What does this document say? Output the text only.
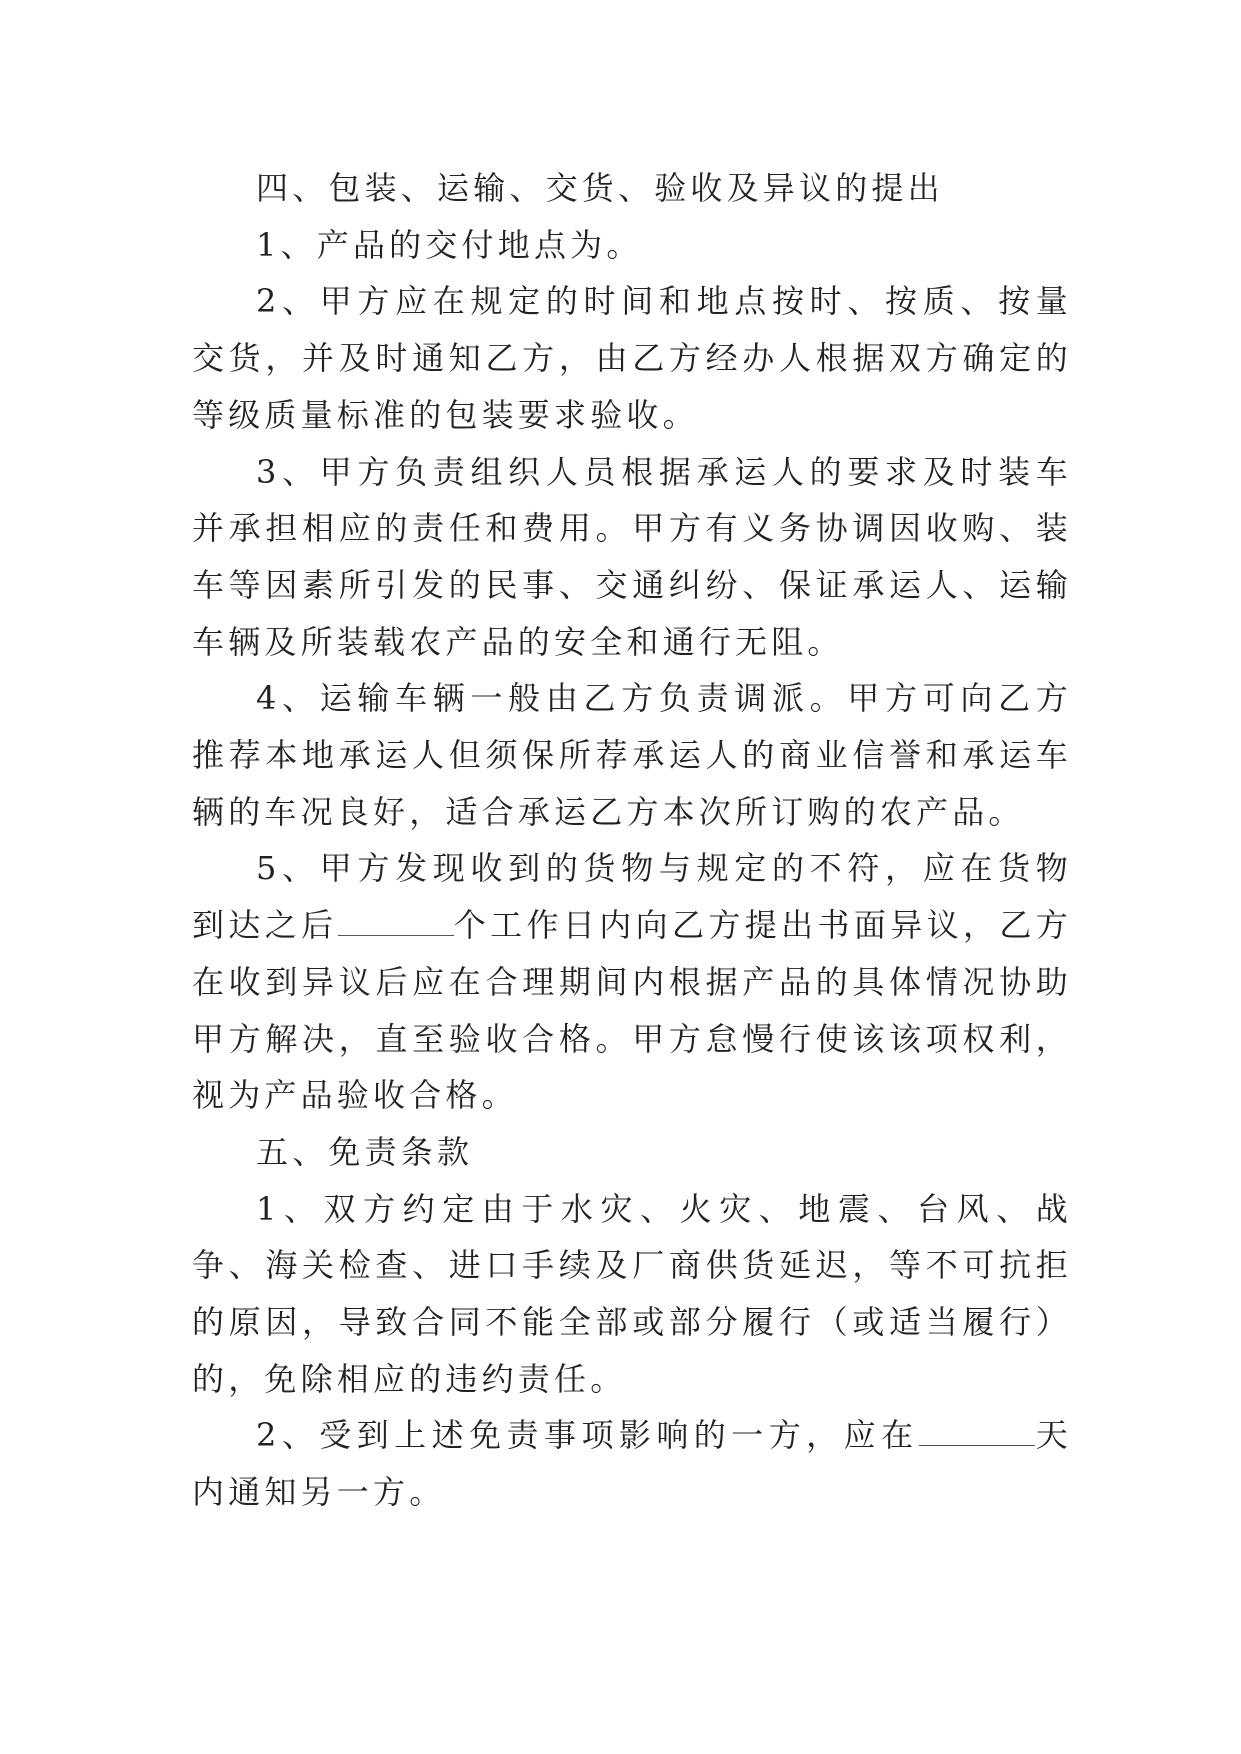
四、包装、运输、交货、验收及异议的提出

1、产品的交付地点为。

2、甲方应在规定的时间和地点按时、按质、按量交货，并及时通知乙方，由乙方经办人根据双方确定的等级质量标准的包装要求验收。

3、甲方负责组织人员根据承运人的要求及时装车并承担相应的责任和费用。甲方有义务协调因收购、装车等因素所引发的民事、交通纠纷、保证承运人、运输车辆及所装载农产品的安全和通行无阻。

4、运输车辆一般由乙方负责调派。甲方可向乙方推荐本地承运人但须保所荐承运人的商业信誉和承运车辆的车况良好，适合承运乙方本次所订购的农产品。

5、甲方发现收到的货物与规定的不符，应在货物到达之后	个工作日内向乙方提出书面异议，乙方在收到异议后应在合理期间内根据产品的具体情况协助甲方解决，直至验收合格。甲方怠慢行使该该项权利，视为产品验收合格。

五、免责条款

1、双方约定由于水灾、火灾、地震、台风、战争、海关检查、进口手续及厂商供货延迟，等不可抗拒的原因，导致合同不能全部或部分履行（或适当履行）的，免除相应的违约责任。

2、受到上述免责事项影响的一方，应在	天内通知另一方。
